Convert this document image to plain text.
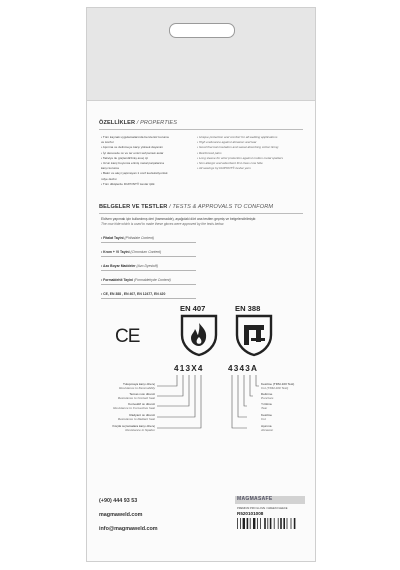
ÖZELLİKLER / PROPERTIES
• Tüm kaynak uygulamalarında benzersiz koruma
ve konfor
• Aşınma ve delinmeye karşı yüksek dayanım
• İyi derecede ısı ve ter emici saf pamuk astar
• Takviye ile güçlendirilmiş avuç içi
• Uzun kanç boyunca erimiş metal parçalarına
karşı koruma
• Bakır ve aleyi yapmayan 1 conf kevlekstiyonluk
ndye dezisi
• Tüm dikişlerde DUPONT® kevlar iplik
• Unique protection and comfort for all welding applications
• High endurance against abrasion and tear
• Good thermal insulation and sweat absorbing cotton lining
• Reinforced palm
• Long sleeve for wrist protection against molten metal spatters
• Non allergic and adsorbent first class cow hide
• All sewings by DUPONT® kevlar yarn
BELGELER VE TESTLER / TESTS & APPROVALS TO CONFORM
Eldiven yapımak için kullanılmış deri (hammadde), aşağıdaki dört ana testten geçmiş ve belgelendirilmiştir.
The cow hide which is used to make these gloves were approved by the tests below.
• Fitalat Tayini (Phthalate Content)
• Krom + VI Tayini (Chromium Content)
• Azo Boyar Maddeler (Azo Dyestuff)
• Formaldehit Tayini (Formaldehyde Content)
• CE, EN 388 , EN 407, EN 12477, EN 420
CE
EN 407	EN 388
413X4	4343A
Tutuşmaya karşı direnç
Resistance to flammability
Temas ısısı direnci
Resistance to Contact heat
Konvektif ısı direnci
Resistance to Convective heat
Radyant ısı direnci
Resistance to Radiant heat
Küçük sıçramalara karşı direnç
Resistance to Spatter
Kesilme (TDM-100 Test)
Cut (TDM-100 Test)
Delinme
Puncture
Yırtılma
Tear
Kesilme
Cut
Aşınma
Abrasion
(+90) 444 93 53
magmaweld.com
info@magmaweld.com
MAGMASAFE
PREMIUM PRO GLOVE / GREEN FLEECE
R520101008
